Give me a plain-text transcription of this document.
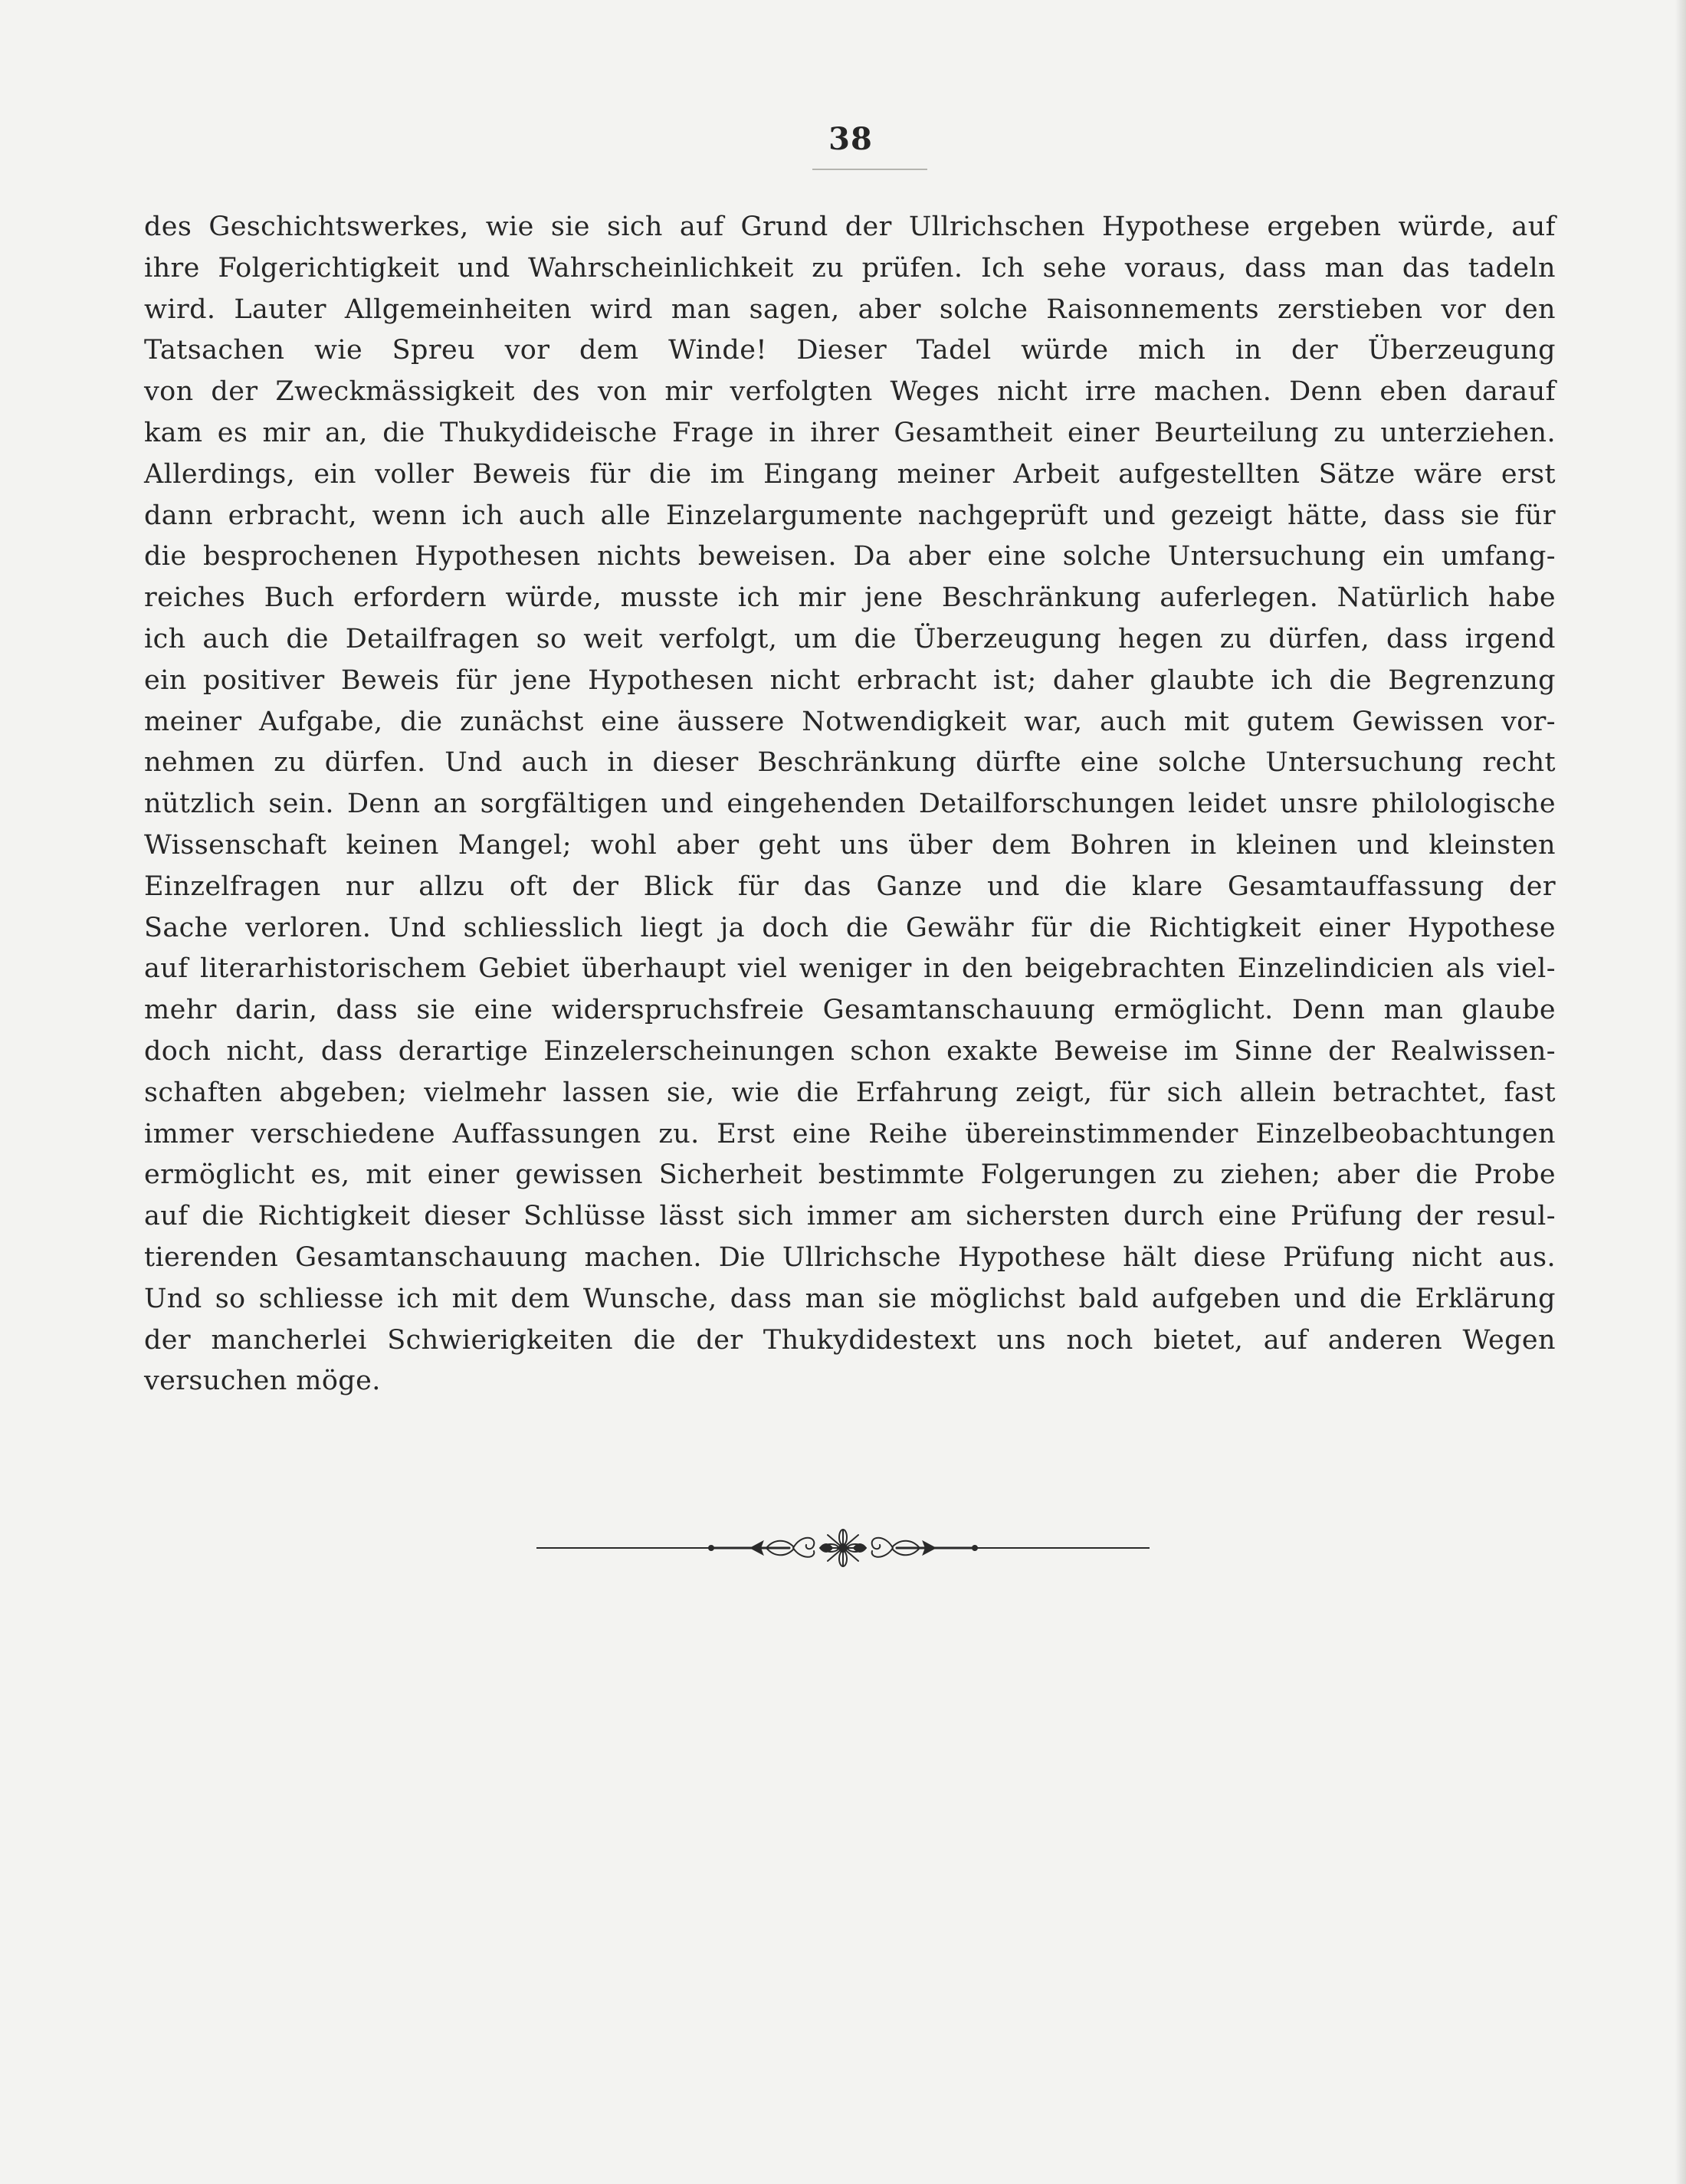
38
des Geschichtswerkes, wie sie sich auf Grund der Ullrichschen Hypothese ergeben würde, auf
ihre Folgerichtigkeit und Wahrscheinlichkeit zu prüfen. Ich sehe voraus, dass man das tadeln
wird. Lauter Allgemeinheiten wird man sagen, aber solche Raisonnements zerstieben vor den
Tatsachen wie Spreu vor dem Winde! Dieser Tadel würde mich in der Überzeugung
von der Zweckmässigkeit des von mir verfolgten Weges nicht irre machen. Denn eben darauf
kam es mir an, die Thukydideische Frage in ihrer Gesamtheit einer Beurteilung zu unterziehen.
Allerdings, ein voller Beweis für die im Eingang meiner Arbeit aufgestellten Sätze wäre erst
dann erbracht, wenn ich auch alle Einzelargumente nachgeprüft und gezeigt hätte, dass sie für
die besprochenen Hypothesen nichts beweisen. Da aber eine solche Untersuchung ein umfang-
reiches Buch erfordern würde, musste ich mir jene Beschränkung auferlegen. Natürlich habe
ich auch die Detailfragen so weit verfolgt, um die Überzeugung hegen zu dürfen, dass irgend
ein positiver Beweis für jene Hypothesen nicht erbracht ist; daher glaubte ich die Begrenzung
meiner Aufgabe, die zunächst eine äussere Notwendigkeit war, auch mit gutem Gewissen vor-
nehmen zu dürfen. Und auch in dieser Beschränkung dürfte eine solche Untersuchung recht
nützlich sein. Denn an sorgfältigen und eingehenden Detailforschungen leidet unsre philologische
Wissenschaft keinen Mangel; wohl aber geht uns über dem Bohren in kleinen und kleinsten
Einzelfragen nur allzu oft der Blick für das Ganze und die klare Gesamtauffassung der
Sache verloren. Und schliesslich liegt ja doch die Gewähr für die Richtigkeit einer Hypothese
auf literarhistorischem Gebiet überhaupt viel weniger in den beigebrachten Einzelindicien als viel-
mehr darin, dass sie eine widerspruchsfreie Gesamtanschauung ermöglicht. Denn man glaube
doch nicht, dass derartige Einzelerscheinungen schon exakte Beweise im Sinne der Realwissen-
schaften abgeben; vielmehr lassen sie, wie die Erfahrung zeigt, für sich allein betrachtet, fast
immer verschiedene Auffassungen zu. Erst eine Reihe übereinstimmender Einzelbeobachtungen
ermöglicht es, mit einer gewissen Sicherheit bestimmte Folgerungen zu ziehen; aber die Probe
auf die Richtigkeit dieser Schlüsse lässt sich immer am sichersten durch eine Prüfung der resul-
tierenden Gesamtanschauung machen. Die Ullrichsche Hypothese hält diese Prüfung nicht aus.
Und so schliesse ich mit dem Wunsche, dass man sie möglichst bald aufgeben und die Erklärung
der mancherlei Schwierigkeiten die der Thukydidestext uns noch bietet, auf anderen Wegen
versuchen möge.
